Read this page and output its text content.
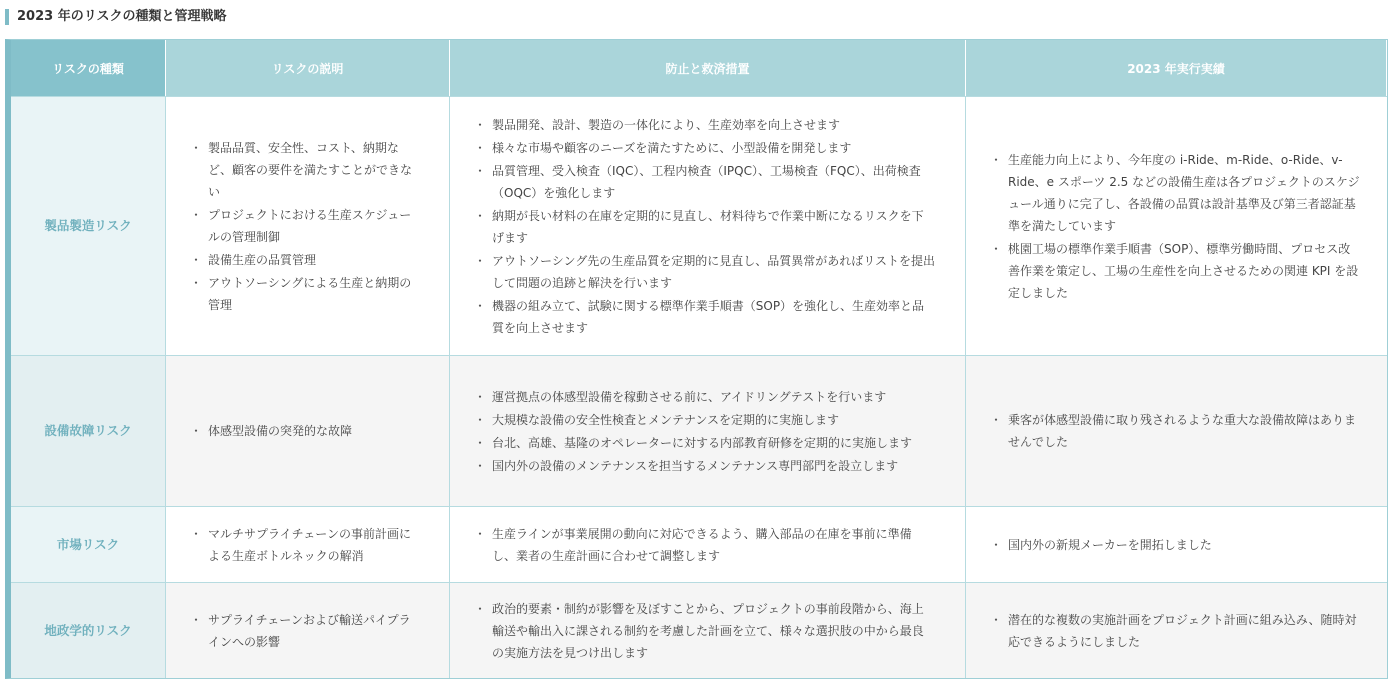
2023 年のリスクの種類と管理戦略
リスクの種類	リスクの説明	防止と救済措置	2023 年実行実績
製品製造リスク
・ 製品品質、安全性、コスト、納期など、顧客の要件を満たすことができない
・ プロジェクトにおける生産スケジュールの管理制御
・ 設備生産の品質管理
・ アウトソーシングによる生産と納期の管理
・ 製品開発、設計、製造の一体化により、生産効率を向上させます
・ 様々な市場や顧客のニーズを満たすために、小型設備を開発します
・ 品質管理、受入検査（IQC）、工程内検査（IPQC）、工場検査（FQC）、出荷検査（OQC）を強化します
・ 納期が長い材料の在庫を定期的に見直し、材料待ちで作業中断になるリスクを下げます
・ アウトソーシング先の生産品質を定期的に見直し、品質異常があればリストを提出して問題の追跡と解決を行います
・ 機器の組み立て、試験に関する標準作業手順書（SOP）を強化し、生産効率と品質を向上させます
・ 生産能力向上により、今年度の i-Ride、m-Ride、o-Ride、v-Ride、e スポーツ 2.5 などの設備生産は各プロジェクトのスケジュール通りに完了し、各設備の品質は設計基準及び第三者認証基準を満たしています
・ 桃園工場の標準作業手順書（SOP）、標準労働時間、プロセス改善作業を策定し、工場の生産性を向上させるための関連 KPI を設定しました
設備故障リスク
・	体感型設備の突発的な故障
・ 運営拠点の体感型設備を稼動させる前に、アイドリングテストを行います
・ 大規模な設備の安全性検査とメンテナンスを定期的に実施します
・ 台北、高雄、基隆のオペレーターに対する内部教育研修を定期的に実施します
・ 国内外の設備のメンテナンスを担当するメンテナンス専門部門を設立します
・ 乗客が体感型設備に取り残されるような重大な設備故障はありませんでした
市場リスク
・ マルチサプライチェーンの事前計画による生産ボトルネックの解消
・ 生産ラインが事業展開の動向に対応できるよう、購入部品の在庫を事前に準備し、業者の生産計画に合わせて調整します
・ 国内外の新規メーカーを開拓しました
地政学的リスク
・ サプライチェーンおよび輸送パイプラインへの影響
・ 政治的要素・制約が影響を及ぼすことから、プロジェクトの事前段階から、海上輸送や輸出入に課される制約を考慮した計画を立て、様々な選択肢の中から最良の実施方法を見つけ出します
・ 潜在的な複数の実施計画をプロジェクト計画に組み込み、随時対応できるようにしました
